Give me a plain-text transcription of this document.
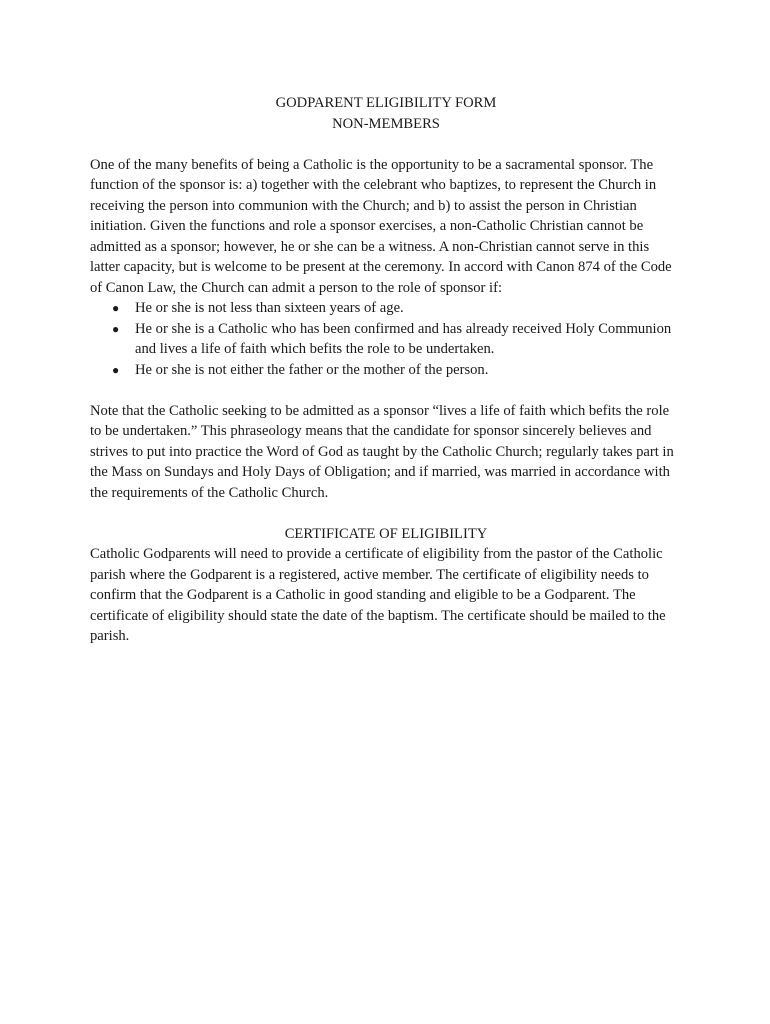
GODPARENT ELIGIBILITY FORM

NON-MEMBERS

One of the many benefits of being a Catholic is the opportunity to be a sacramental sponsor. The function of the sponsor is: a) together with the celebrant who baptizes, to represent the Church in receiving the person into communion with the Church; and b) to assist the person in Christian initiation. Given the functions and role a sponsor exercises, a non-Catholic Christian cannot be admitted as a sponsor; however, he or she can be a witness. A non-Christian cannot serve in this latter capacity, but is welcome to be present at the ceremony. In accord with Canon 874 of the Code of Canon Law, the Church can admit a person to the role of sponsor if:

● He or she is not less than sixteen years of age.
● He or she is a Catholic who has been confirmed and has already received Holy Communion and lives a life of faith which befits the role to be undertaken.
● He or she is not either the father or the mother of the person.

Note that the Catholic seeking to be admitted as a sponsor “lives a life of faith which befits the role to be undertaken.” This phraseology means that the candidate for sponsor sincerely believes and strives to put into practice the Word of God as taught by the Catholic Church; regularly takes part in the Mass on Sundays and Holy Days of Obligation; and if married, was married in accordance with the requirements of the Catholic Church.

CERTIFICATE OF ELIGIBILITY

Catholic Godparents will need to provide a certificate of eligibility from the pastor of the Catholic parish where the Godparent is a registered, active member. The certificate of eligibility needs to confirm that the Godparent is a Catholic in good standing and eligible to be a Godparent. The certificate of eligibility should state the date of the baptism. The certificate should be mailed to the parish.
